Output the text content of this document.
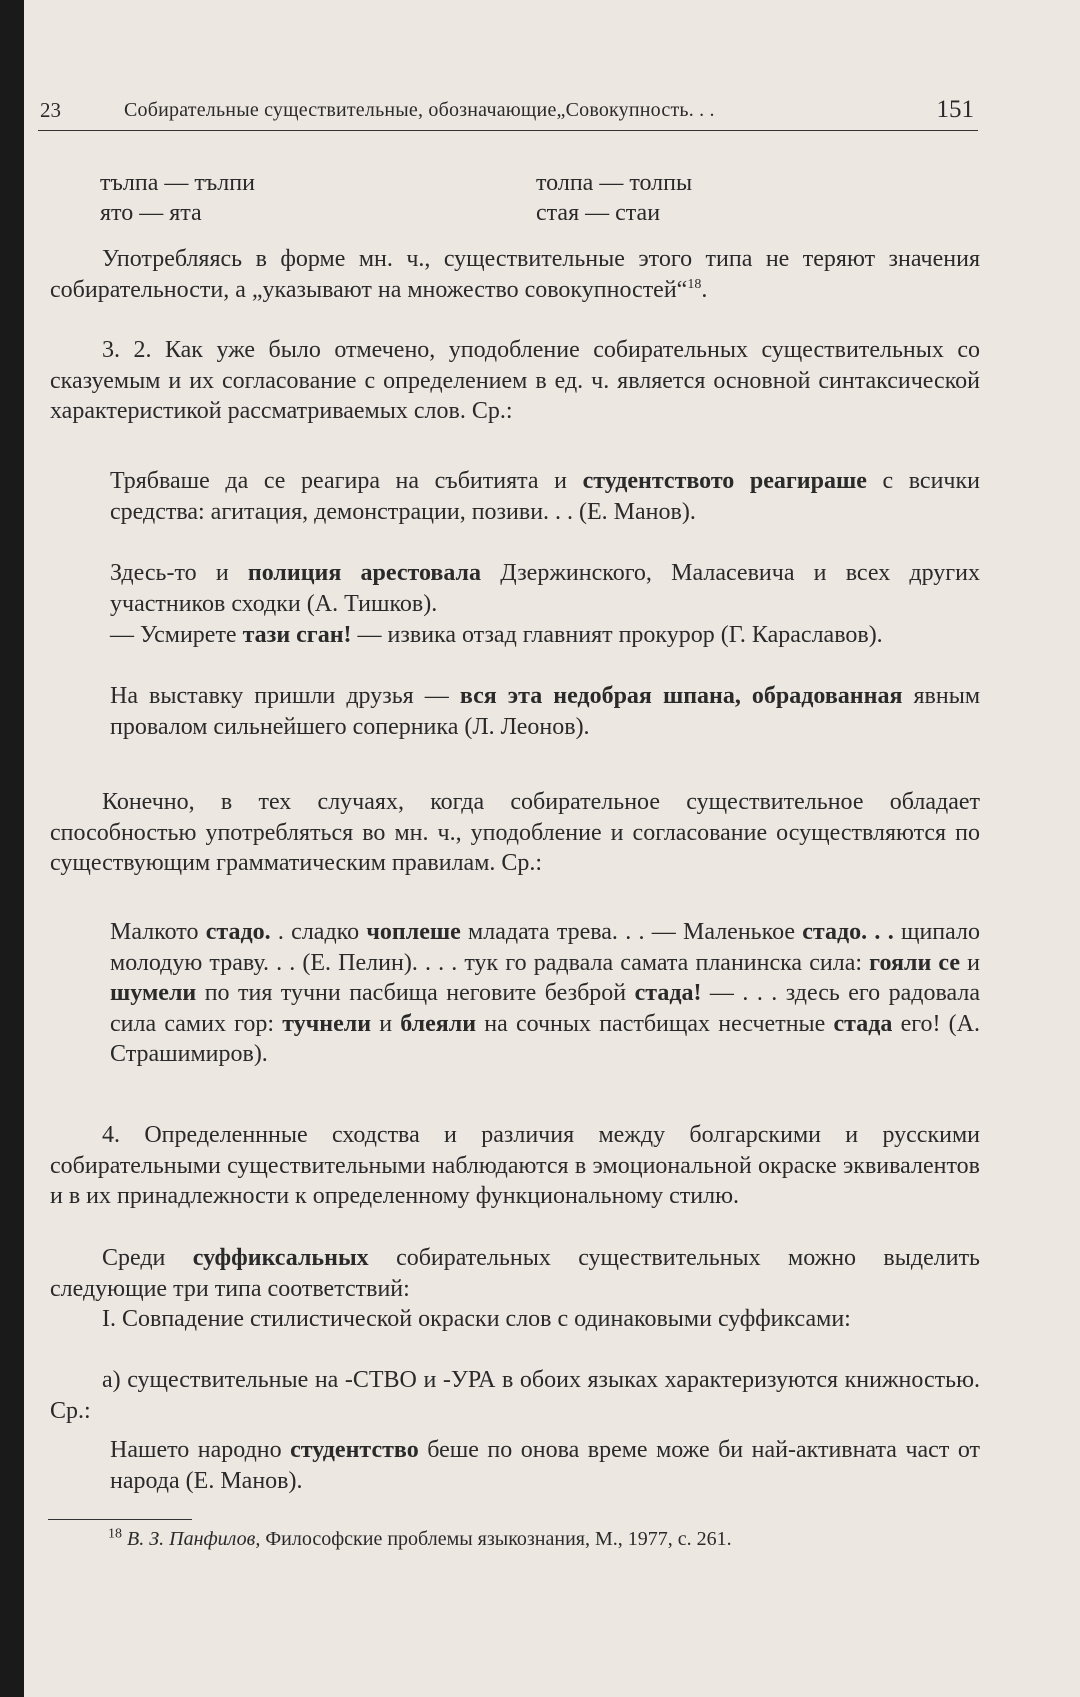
23	Собирательные существительные, обозначающие„Совокупность. . .	151
тълпа — тълпи	толпа — толпы
ято — ята	стая — стаи
Употребляясь в форме мн. ч., существительные этого типа не теряют значения собирательности, а „указывают на множество совокупностей“$^{18}$.
3. 2. Как уже было отмечено, уподобление собирательных существительных со сказуемым и их согласование с определением в ед. ч. является основной синтаксической характеристикой рассматриваемых слов. Ср.:
Трябваше да се реагира на събитията и студентството реагираше с всички средства: агитация, демонстрации, позиви. . . (Е. Манов).
Здесь-то и полиция арестовала Дзержинского, Маласевича и всех других участников сходки (А. Тишков).
— Усмирете тази сган! — извика отзад главният прокурор (Г. Караславов).
На выставку пришли друзья — вся эта недобрая шпана, обрадованная явным провалом сильнейшего соперника (Л. Леонов).
Конечно, в тех случаях, когда собирательное существительное обладает способностью употребляться во мн. ч., уподобление и согласование осуществляются по существующим грамматическим правилам. Ср.:
Малкото стадо. . сладко чоплеше младата трева. . . — Маленькое стадо. . . щипало молодую траву. . . (Е. Пелин). . . . тук го радвала самата планинска сила: гояли се и шумели по тия тучни пасбища неговите безброй стада! — . . . здесь его радовала сила самих гор: тучнели и блеяли на сочных пастбищах несчетные стада его! (А. Страшимиров).
4. Определеннные сходства и различия между болгарскими и русскими собирательными существительными наблюдаются в эмоциональной окраске эквивалентов и в их принадлежности к определенному функциональному стилю.
Среди суффиксальных собирательных существительных можно выделить следующие три типа соответствий:
I. Совпадение стилистической окраски слов с одинаковыми суффиксами:
а) существительные на -СТВО и -УРА в обоих языках характеризуются книжностью. Ср.:
Нашето народно студентство беше по онова време може би най-активната част от народа (Е. Манов).
$^{18}$ В. З. Панфилов, Философские проблемы языкознания, М., 1977, с. 261.
